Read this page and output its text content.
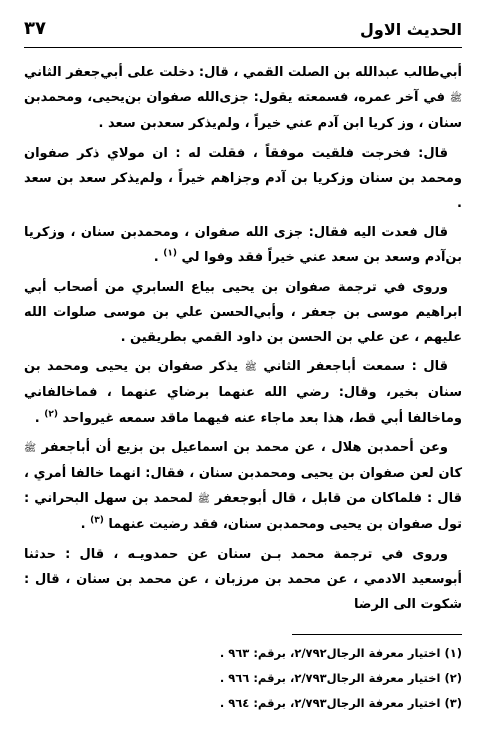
الحديث الاول
٣٧

أبي‌طالب عبدالله بن الصلت القمي ، قال: دخلت على أبي‌جعفر الثاني ﷺ في آخر عمره، فسمعته يقول: جزى‌الله صفوان بن‌يحيى، ومحمدبن سنان ، وز كريا ابن آدم عني خيراً ، ولم‌يذكر سعدبن سعد .

قال: فخرجت فلقيت موفقاً ، فقلت له : ان مولاي ذكر صفوان ومحمد بن سنان وزكريا بن آدم وجزاهم خيراً ، ولم‌يذكر سعد بن سعد .

قال فعدت اليه فقال: جزى الله صفوان ، ومحمدبن سنان ، وزكريا بن‌آدم وسعد بن سعد عني خيراً فقد وفوا لي $^{(١)}$ .

وروى في ترجمة صفوان بن يحيى بياع السابري من أصحاب أبي ابراهيم موسى بن جعفر ، وأبي‌الحسن علي بن موسى صلوات الله عليهم ، عن علي بن الحسن بن داود القمي بطريقين .

قال : سمعت أباجعفر الثاني ﷺ يذكر صفوان بن يحيى ومحمد بن سنان بخير، وقال: رضي الله عنهما برضاي عنهما ، فماخالفاني وماخالفا أبي قط، هذا بعد ماجاء عنه فيهما ماقد سمعه غيرواحد $^{(٢)}$ .

وعن أحمدبن هلال ، عن محمد بن اسماعيل بن بزيع أن أباجعفر ﷺ كان لعن صفوان بن يحيى ومحمدبن سنان ، فقال: انهما خالفا أمري ، قال : فلماكان من قابل ، قال أبوجعفر ﷺ لمحمد بن سهل البحراني : تول صفوان بن يحيى ومحمدبن سنان، فقد رضيت عنهما $^{(٣)}$ .

وروى في ترجمة محمد بـن سنان عن حمدويـه ، قال : حدثنا أبوسعيد الادمي ، عن محمد بن مرزبان ، عن محمد بن سنان ، قال : شكوت الى الرضا

(١) اختيار معرفة الرجال‌٢/٧٩٢، برقم: ٩٦٣ .
(٢) اختيار معرفة الرجال‌٢/٧٩٣، برقم: ٩٦٦ .
(٣) اختيار معرفة الرجال‌٢/٧٩٣، برقم: ٩٦٤ .
